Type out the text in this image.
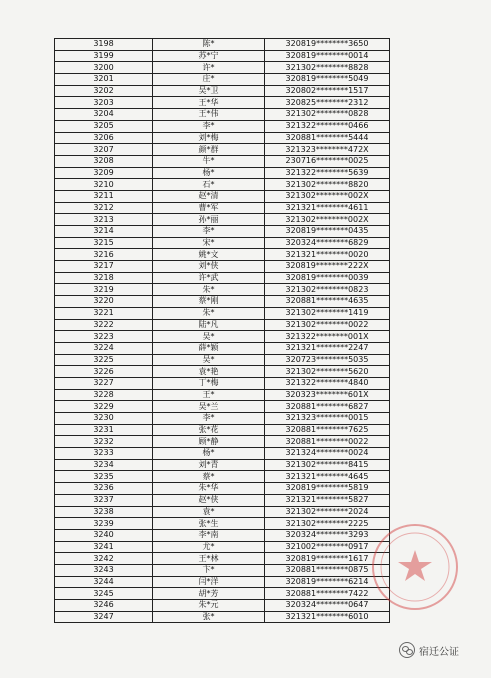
3198	陈*	320819********3650
3199	苏*宁	320819********0014
3200	许*	321302********8828
3201	庄*	320819********5049
3202	吴*卫	320802********1517
3203	王*华	320825********2312
3204	王*伟	321302********0828
3205	李*	321322********0466
3206	刘*梅	320881********5444
3207	颜*群	321323********472X
3208	牛*	230716********0025
3209	杨*	321322********5639
3210	石*	321302********8820
3211	赵*清	321302********002X
3212	曹*军	321321********4611
3213	孙*丽	321302********002X
3214	李*	320819********0435
3215	宋*	320324********6829
3216	姚*文	321321********0020
3217	刘*侠	320819********222X
3218	许*武	320819********0039
3219	朱*	321302********0823
3220	蔡*刚	320881********4635
3221	朱*	321302********1419
3222	陆*凡	321302********0022
3223	吴*	321322********001X
3224	薛*颖	321321********2247
3225	吴*	320723********5035
3226	袁*艳	321302********5620
3227	丁*梅	321322********4840
3228	王*	320323********601X
3229	吴*兰	320881********6827
3230	李*	321323********0015
3231	张*花	320881********7625
3232	顾*静	320881********0022
3233	杨*	321324********0024
3234	刘*青	321302********8415
3235	蔡*	321321********4645
3236	朱*华	320819********5819
3237	赵*侠	321321********5827
3238	袁*	321302********2024
3239	张*生	321302********2225
3240	李*南	320324********3293
3241	尤*	321002********0917
3242	王*林	320819********1617
3243	卞*	320881********0875
3244	闫*洋	320819********6214
3245	胡*芳	320881********7422
3246	朱*元	320324********0647
3247	张*	321321********6010
宿迁公证
